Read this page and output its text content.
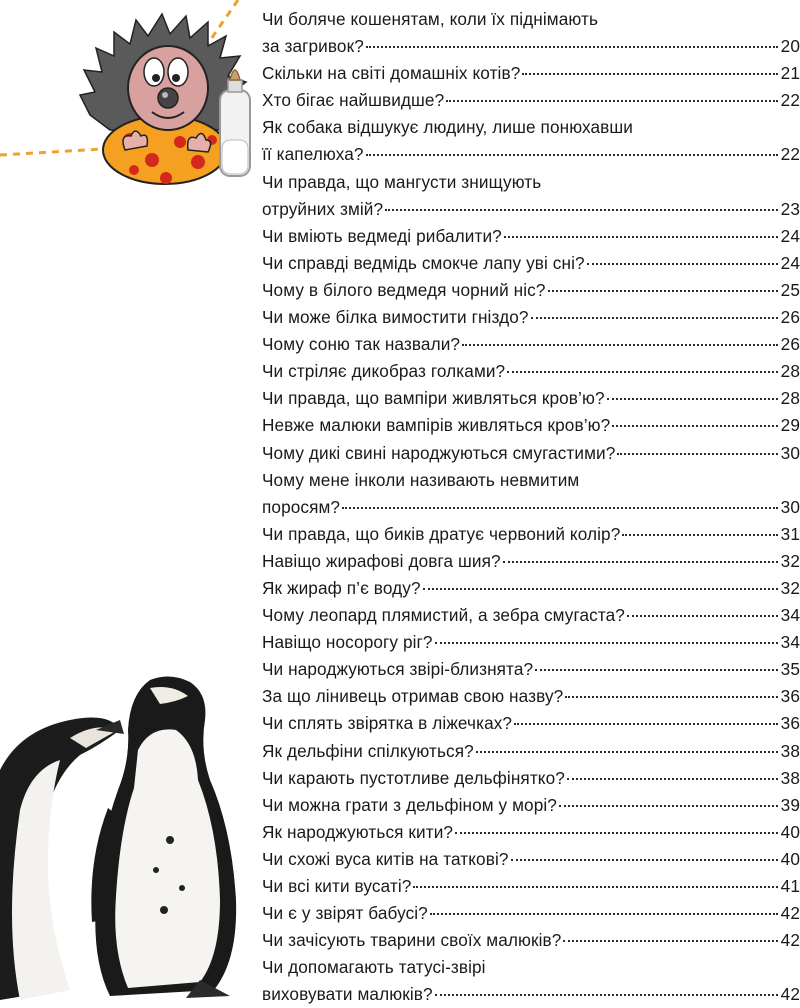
Чи боляче кошенятам, коли їх піднімають
за загривок?	20
Скільки на світі домашніх котів?	21
Хто бігає найшвидше?	22
Як собака відшукує людину, лише понюхавши
її капелюха?	22
Чи правда, що мангусти знищують
отруйних змій?	23
Чи вміють ведмеді рибалити?	24
Чи справді ведмідь смокче лапу уві сні?	24
Чому в білого ведмедя чорний ніс?	25
Чи може білка вимостити гніздо?	26
Чому соню так назвали?	26
Чи стріляє дикобраз голками?	28
Чи правда, що вампіри живляться кров’ю?	28
Невже малюки вампірів живляться кров’ю?	29
Чому дикі свині народжуються смугастими?	30
Чому мене інколи називають невмитим
поросям?	30
Чи правда, що биків дратує червоний колір?	31
Навіщо жирафові довга шия?	32
Як жираф п’є воду?	32
Чому леопард плямистий, а зебра смугаста?	34
Навіщо носорогу ріг?	34
Чи народжуються звірі-близнята?	35
За що лінивець отримав свою назву?	36
Чи сплять звірятка в ліжечках?	36
Як дельфіни спілкуються?	38
Чи карають пустотливе дельфінятко?	38
Чи можна грати з дельфіном у морі?	39
Як народжуються кити?	40
Чи схожі вуса китів на таткові?	40
Чи всі кити вусаті?	41
Чи є у звірят бабусі?	42
Чи зачісують тварини своїх малюків?	42
Чи допомагають татусі-звірі
виховувати малюків?	42
